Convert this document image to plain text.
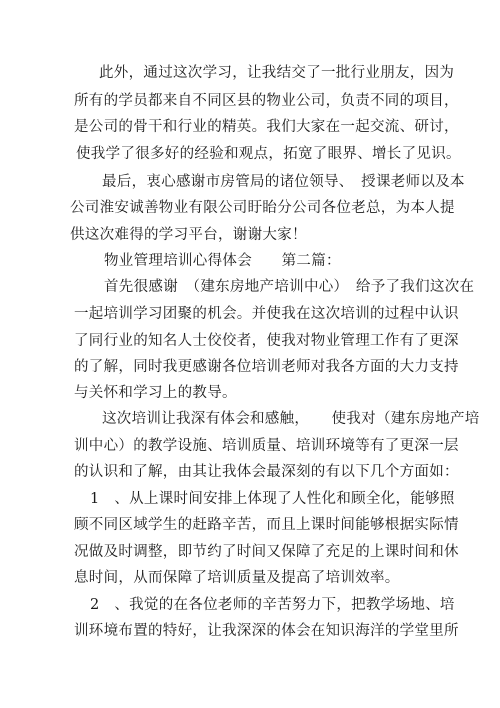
此外，通过这次学习，让我结交了一批行业朋友，因为
所有的学员都来自不同区县的物业公司，负责不同的项目，
是公司的骨干和行业的精英。我们大家在一起交流、研讨，
使我学了很多好的经验和观点，拓宽了眼界、增长了见识。
最后，衷心感谢市房管局的诸位领导、　授课老师以及本
公司淮安诚善物业有限公司盱眙分公司各位老总，为本人提
供这次难得的学习平台，谢谢大家！
物业管理培训心得体会　　第二篇：
首先很感谢　（建东房地产培训中心）　给予了我们这次在
一起培训学习团聚的机会。并使我在这次培训的过程中认识
了同行业的知名人士佼佼者，使我对物业管理工作有了更深
的了解，同时我更感谢各位培训老师对我各方面的大力支持
与关怀和学习上的教导。
这次培训让我深有体会和感触，　　使我对（建东房地产培
训中心）的教学设施、培训质量、培训环境等有了更深一层
的认识和了解，由其让我体会最深刻的有以下几个方面如：
1　、从上课时间安排上体现了人性化和顾全化，能够照
顾不同区域学生的赶路辛苦，而且上课时间能够根据实际情
况做及时调整，即节约了时间又保障了充足的上课时间和休
息时间，从而保障了培训质量及提高了培训效率。
2　、我觉的在各位老师的辛苦努力下，把教学场地、培
训环境布置的特好，让我深深的体会在知识海洋的学堂里所
